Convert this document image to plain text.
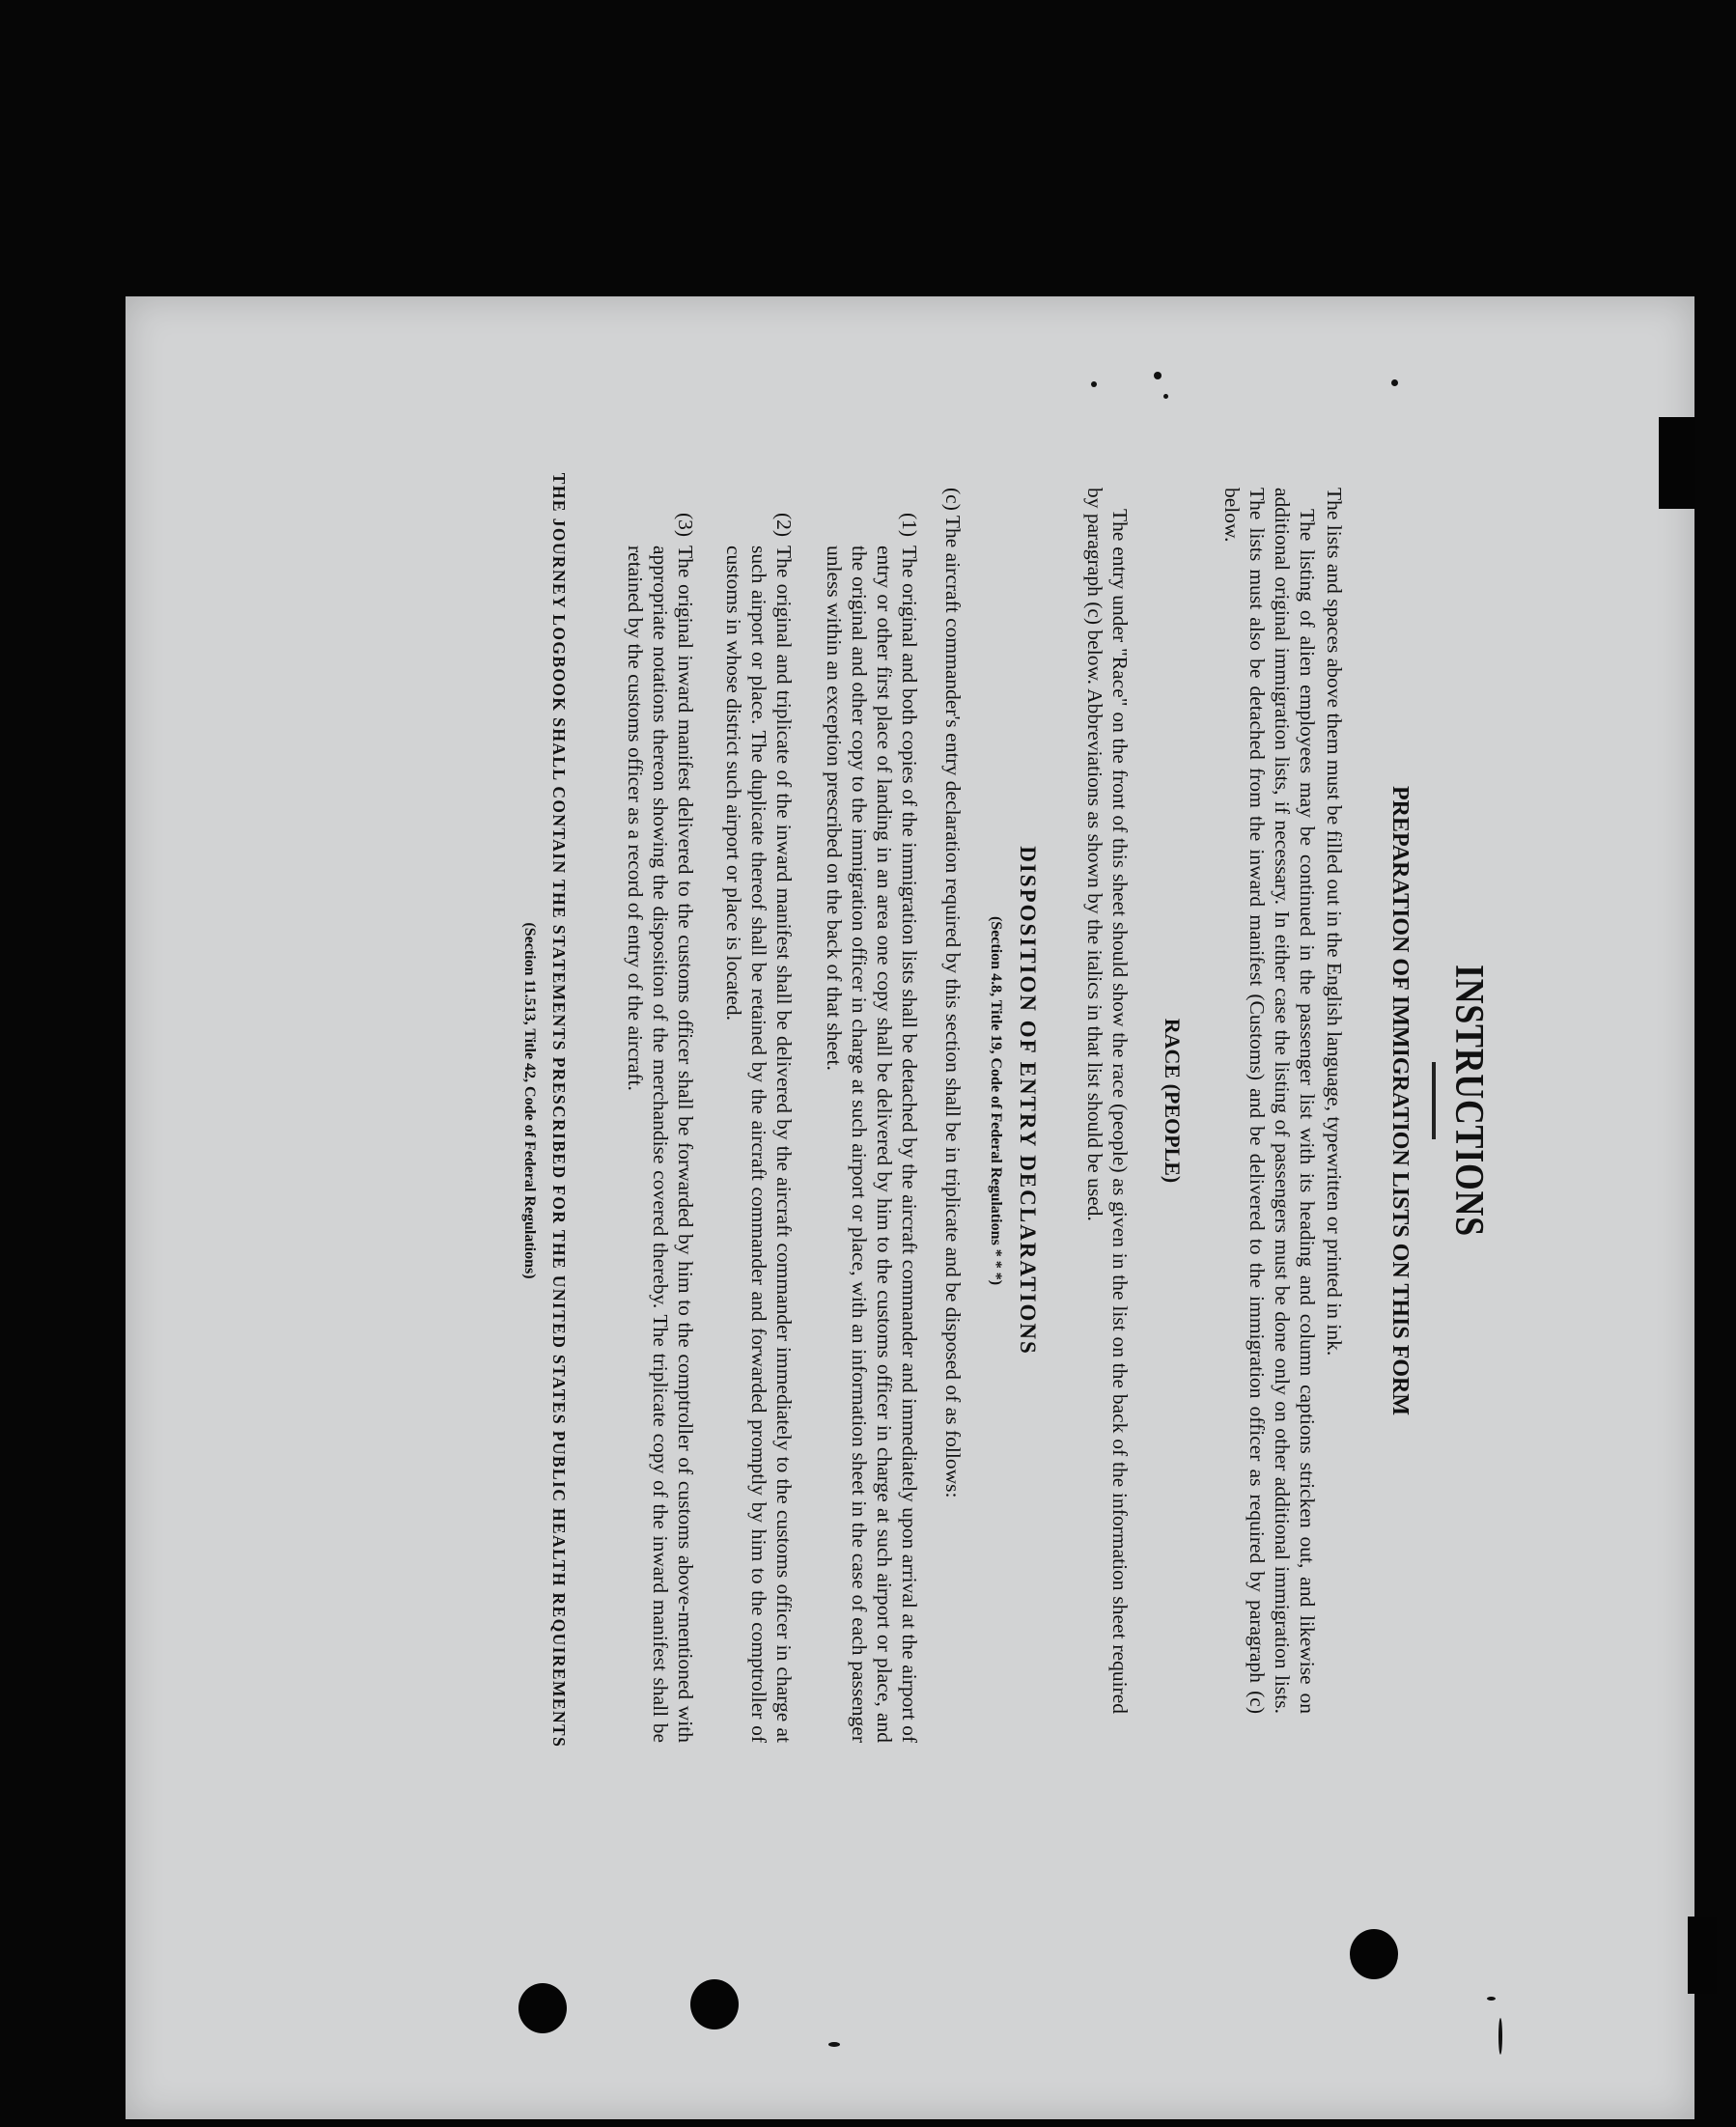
INSTRUCTIONS
PREPARATION OF IMMIGRATION LISTS ON THIS FORM
The lists and spaces above them must be filled out in the English language, typewritten or printed in ink.
The listing of alien employees may be continued in the passenger list with its heading and column captions stricken out, and likewise on additional original immigration lists, if necessary. In either case the listing of passengers must be done only on other additional immigration lists. The lists must also be detached from the inward manifest (Customs) and be delivered to the immigration officer as required by paragraph (c) below.
RACE (PEOPLE)
The entry under "Race" on the front of this sheet should show the race (people) as given in the list on the back of the information sheet required by paragraph (c) below. Abbreviations as shown by the italics in that list should be used.
DISPOSITION OF ENTRY DECLARATIONS
(Section 4.8, Title 19, Code of Federal Regulations * * *)
(c) The aircraft commander's entry declaration required by this section shall be in triplicate and be disposed of as follows:
(1)
The original and both copies of the immigration lists shall be detached by the aircraft commander and immediately upon arrival at the airport of entry or other first place of landing in an area one copy shall be delivered by him to the customs officer in charge at such airport or place, and the original and other copy to the immigration officer in charge at such airport or place, with an information sheet in the case of each passenger unless within an exception prescribed on the back of that sheet.
(2)
The original and triplicate of the inward manifest shall be delivered by the aircraft commander immediately to the customs officer in charge at such airport or place. The duplicate thereof shall be retained by the aircraft commander and forwarded promptly by him to the comptroller of customs in whose district such airport or place is located.
(3)
The original inward manifest delivered to the customs officer shall be forwarded by him to the comptroller of customs above-mentioned with appropriate notations thereon showing the disposition of the merchandise covered thereby. The triplicate copy of the inward manifest shall be retained by the customs officer as a record of entry of the aircraft.
THE JOURNEY LOGBOOK SHALL CONTAIN THE STATEMENTS PRESCRIBED FOR THE UNITED STATES PUBLIC HEALTH REQUIREMENTS
(Section 11.513, Title 42, Code of Federal Regulations)
